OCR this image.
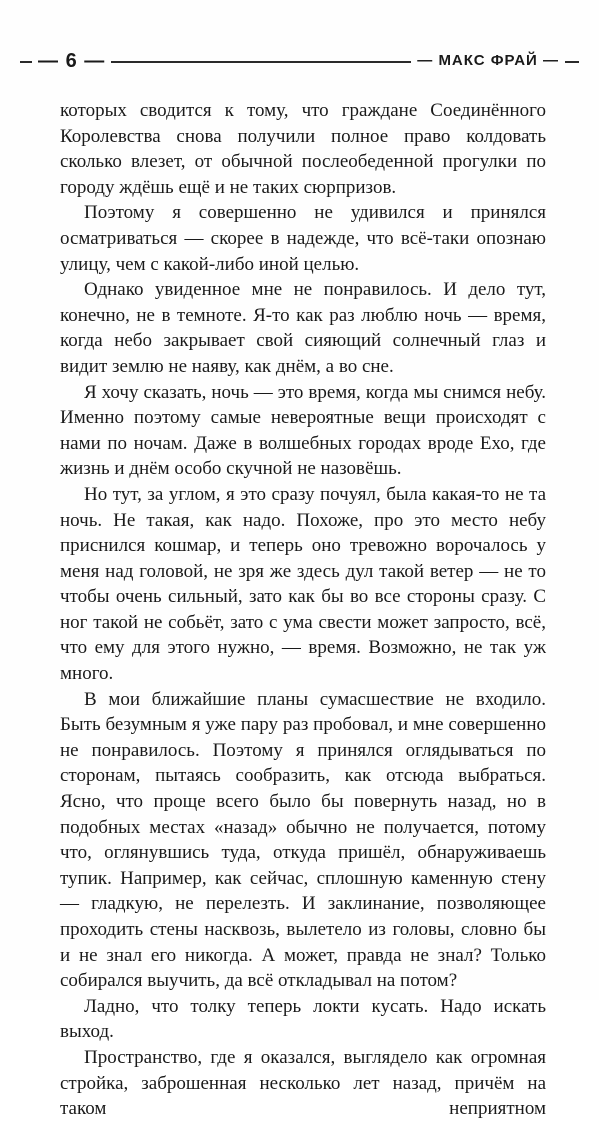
— 6 —	— МАКС ФРАЙ —

которых сводится к тому, что граждане Соединённого Королевства снова получили полное право колдовать сколько влезет, от обычной послеобеденной прогулки по городу ждёшь ещё и не таких сюрпризов.

Поэтому я совершенно не удивился и принялся осматриваться — скорее в надежде, что всё-таки опознаю улицу, чем с какой-либо иной целью.

Однако увиденное мне не понравилось. И дело тут, конечно, не в темноте. Я-то как раз люблю ночь — время, когда небо закрывает свой сияющий солнечный глаз и видит землю не наяву, как днём, а во сне.

Я хочу сказать, ночь — это время, когда мы снимся небу. Именно поэтому самые невероятные вещи происходят с нами по ночам. Даже в волшебных городах вроде Ехо, где жизнь и днём особо скучной не назовёшь.

Но тут, за углом, я это сразу почуял, была какая-то не та ночь. Не такая, как надо. Похоже, про это место небу приснился кошмар, и теперь оно тревожно ворочалось у меня над головой, не зря же здесь дул такой ветер — не то чтобы очень сильный, зато как бы во все стороны сразу. С ног такой не собьёт, зато с ума свести может запросто, всё, что ему для этого нужно, — время. Возможно, не так уж много.

В мои ближайшие планы сумасшествие не входило. Быть безумным я уже пару раз пробовал, и мне совершенно не понравилось. Поэтому я принялся оглядываться по сторонам, пытаясь сообразить, как отсюда выбраться. Ясно, что проще всего было бы повернуть назад, но в подобных местах «назад» обычно не получается, потому что, оглянувшись туда, откуда пришёл, обнаруживаешь тупик. Например, как сейчас, сплошную каменную стену — гладкую, не перелезть. И заклинание, позволяющее проходить стены насквозь, вылетело из головы, словно бы и не знал его никогда. А может, правда не знал? Только собирался выучить, да всё откладывал на потом?

Ладно, что толку теперь локти кусать. Надо искать выход.

Пространство, где я оказался, выглядело как огромная стройка, заброшенная несколько лет назад, причём на таком неприятном
